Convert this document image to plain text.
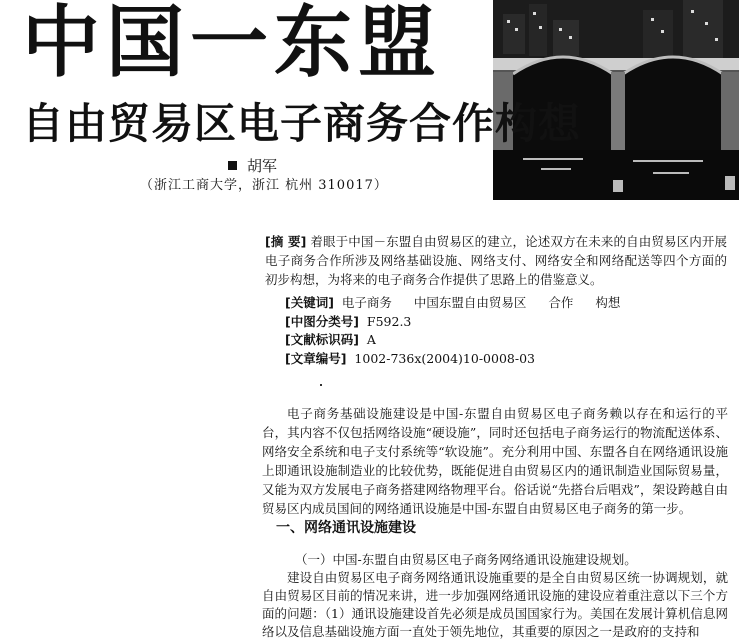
中国一东盟
自由贸易区电子商务合作构想
胡军
（浙江工商大学，浙江 杭州 310017）

[摘 要] 着眼于中国－东盟自由贸易区的建立，论述双方在未来的自由贸易区内开展电子商务合作所涉及网络基础设施、网络支付、网络安全和网络配送等四个方面的初步构想，为将来的电子商务合作提供了思路上的借鉴意义。

[关键词] 电子商务 中国东盟自由贸易区 合作 构想
[中图分类号] F592.3
[文献标识码] A
[文章编号] 1002-736x(2004)10-0008-03

电子商务基础设施建设是中国-东盟自由贸易区电子商务赖以存在和运行的平台，其内容不仅包括网络设施“硬设施”，同时还包括电子商务运行的物流配送体系、网络安全系统和电子支付系统等“软设施”。充分利用中国、东盟各自在网络通讯设施上即通讯设施制造业的比较优势，既能促进自由贸易区内的通讯制造业国际贸易量，又能为双方发展电子商务搭建网络物理平台。俗话说“先搭台后唱戏”，架设跨越自由贸易区内成员国间的网络通讯设施是中国-东盟自由贸易区电子商务的第一步。

一、网络通讯设施建设

（一）中国-东盟自由贸易区电子商务网络通讯设施建设规划。

建设自由贸易区电子商务网络通讯设施重要的是全自由贸易区统一协调规划，就自由贸易区目前的情况来讲，进一步加强网络通讯设施的建设应着重注意以下三个方面的问题：（1）通讯设施建设首先必须是成员国国家行为。美国在发展计算机信息网络以及信息基础设施方面一直处于领先地位，其重要的原因之一是政府的支持和
